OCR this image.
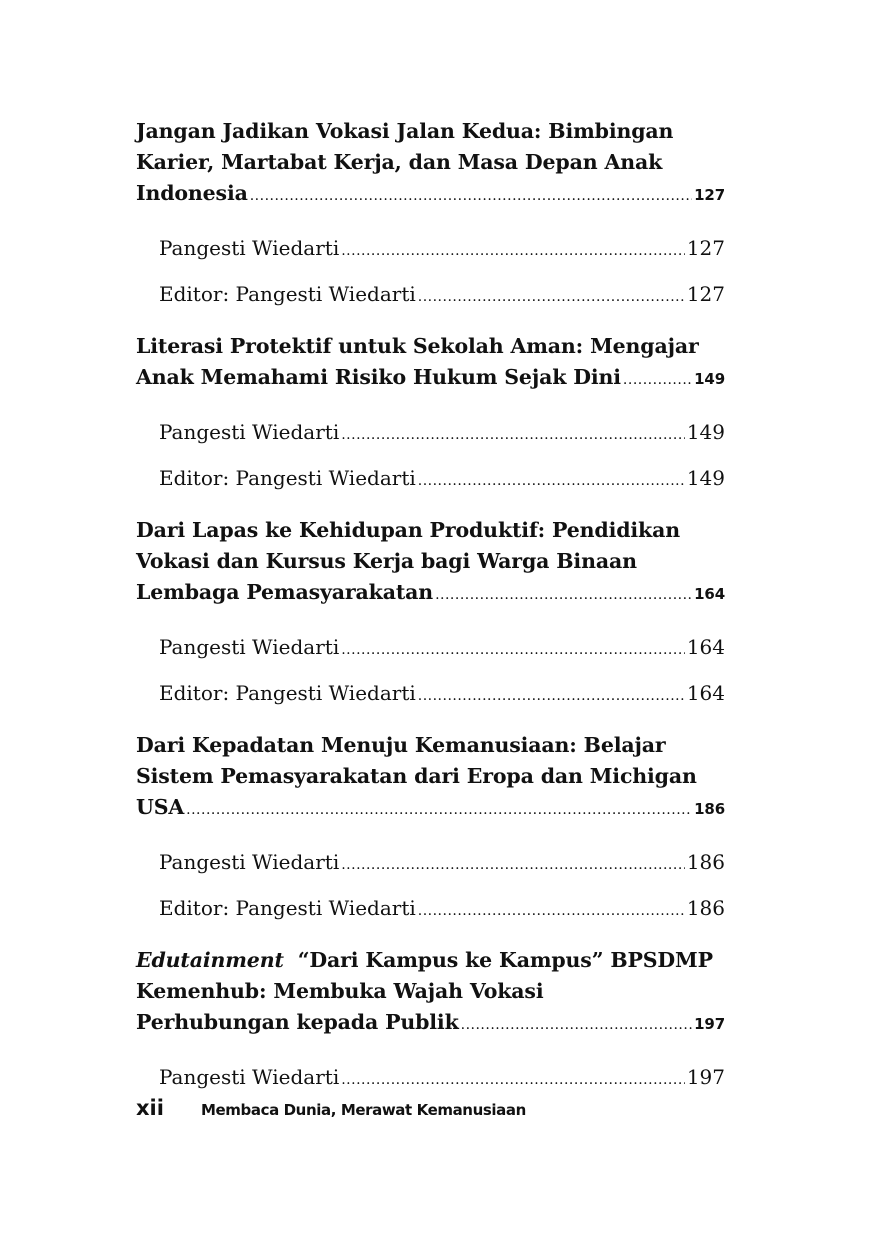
Jangan Jadikan Vokasi Jalan Kedua: Bimbingan
Karier, Martabat Kerja, dan Masa Depan Anak
Indonesia .....	127
Pangesti Wiedarti .....	127
Editor: Pangesti Wiedarti .....	127
Literasi Protektif untuk Sekolah Aman: Mengajar
Anak Memahami Risiko Hukum Sejak Dini .....	149
Pangesti Wiedarti .....	149
Editor: Pangesti Wiedarti .....	149
Dari Lapas ke Kehidupan Produktif: Pendidikan
Vokasi dan Kursus Kerja bagi Warga Binaan
Lembaga Pemasyarakatan .....	164
Pangesti Wiedarti .....	164
Editor: Pangesti Wiedarti .....	164
Dari Kepadatan Menuju Kemanusiaan: Belajar
Sistem Pemasyarakatan dari Eropa dan Michigan
USA .....	186
Pangesti Wiedarti .....	186
Editor: Pangesti Wiedarti .....	186
Edutainment  “Dari Kampus ke Kampus” BPSDMP
Kemenhub: Membuka Wajah Vokasi
Perhubungan kepada Publik .....	197
Pangesti Wiedarti .....	197
xii Membaca Dunia, Merawat Kemanusiaan
